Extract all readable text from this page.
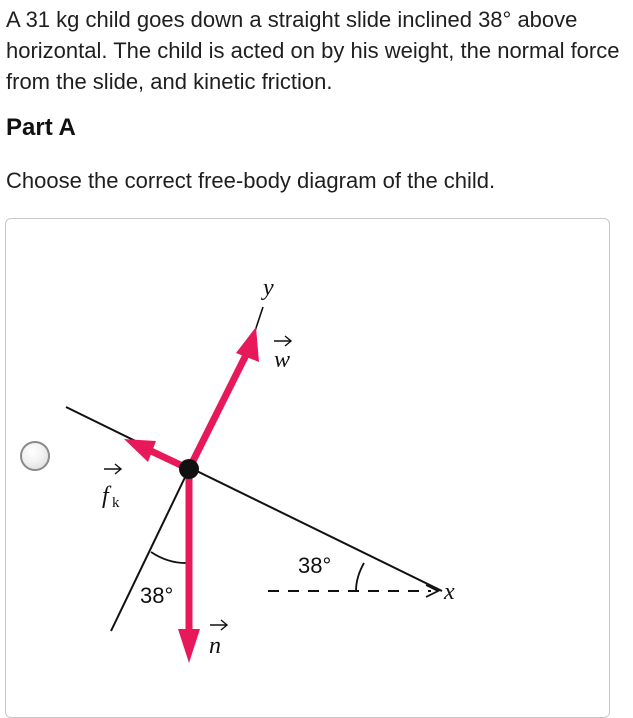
A 31 kg child goes down a straight slide inclined 38° above horizontal. The child is acted on by his weight, the normal force from the slide, and kinetic friction.
Part A
Choose the correct free-body diagram of the child.
y
w
f k
n
38°
38°	x
